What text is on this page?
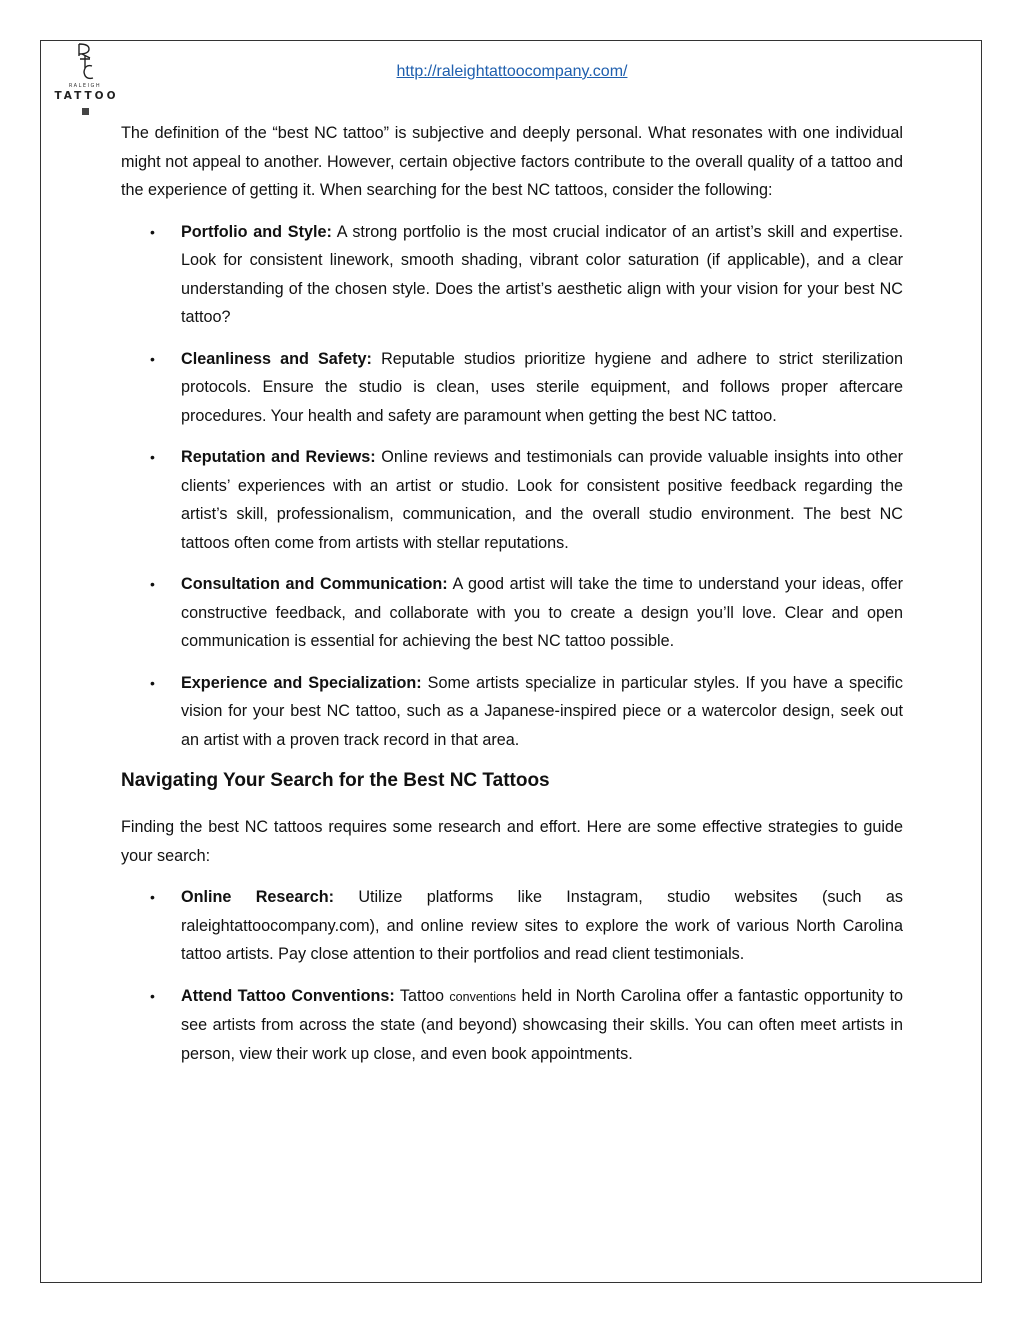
RALEIGH
TATTOO
http://raleightattoocompany.com/

The definition of the “best NC tattoo” is subjective and deeply personal. What resonates with one individual might not appeal to another. However, certain objective factors contribute to the overall quality of a tattoo and the experience of getting it. When searching for the best NC tattoos, consider the following:

• Portfolio and Style: A strong portfolio is the most crucial indicator of an artist’s skill and expertise. Look for consistent linework, smooth shading, vibrant color saturation (if applicable), and a clear understanding of the chosen style. Does the artist’s aesthetic align with your vision for your best NC tattoo?
• Cleanliness and Safety: Reputable studios prioritize hygiene and adhere to strict sterilization protocols. Ensure the studio is clean, uses sterile equipment, and follows proper aftercare procedures. Your health and safety are paramount when getting the best NC tattoo.
• Reputation and Reviews: Online reviews and testimonials can provide valuable insights into other clients’ experiences with an artist or studio. Look for consistent positive feedback regarding the artist’s skill, professionalism, communication, and the overall studio environment. The best NC tattoos often come from artists with stellar reputations.
• Consultation and Communication: A good artist will take the time to understand your ideas, offer constructive feedback, and collaborate with you to create a design you’ll love. Clear and open communication is essential for achieving the best NC tattoo possible.
• Experience and Specialization: Some artists specialize in particular styles. If you have a specific vision for your best NC tattoo, such as a Japanese-inspired piece or a watercolor design, seek out an artist with a proven track record in that area.
Navigating Your Search for the Best NC Tattoos

Finding the best NC tattoos requires some research and effort. Here are some effective strategies to guide your search:

• Online Research: Utilize platforms like Instagram, studio websites (such as raleightattoocompany.com), and online review sites to explore the work of various North Carolina tattoo artists. Pay close attention to their portfolios and read client testimonials.
• Attend Tattoo Conventions: Tattoo conventions held in North Carolina offer a fantastic opportunity to see artists from across the state (and beyond) showcasing their skills. You can often meet artists in person, view their work up close, and even book appointments.
